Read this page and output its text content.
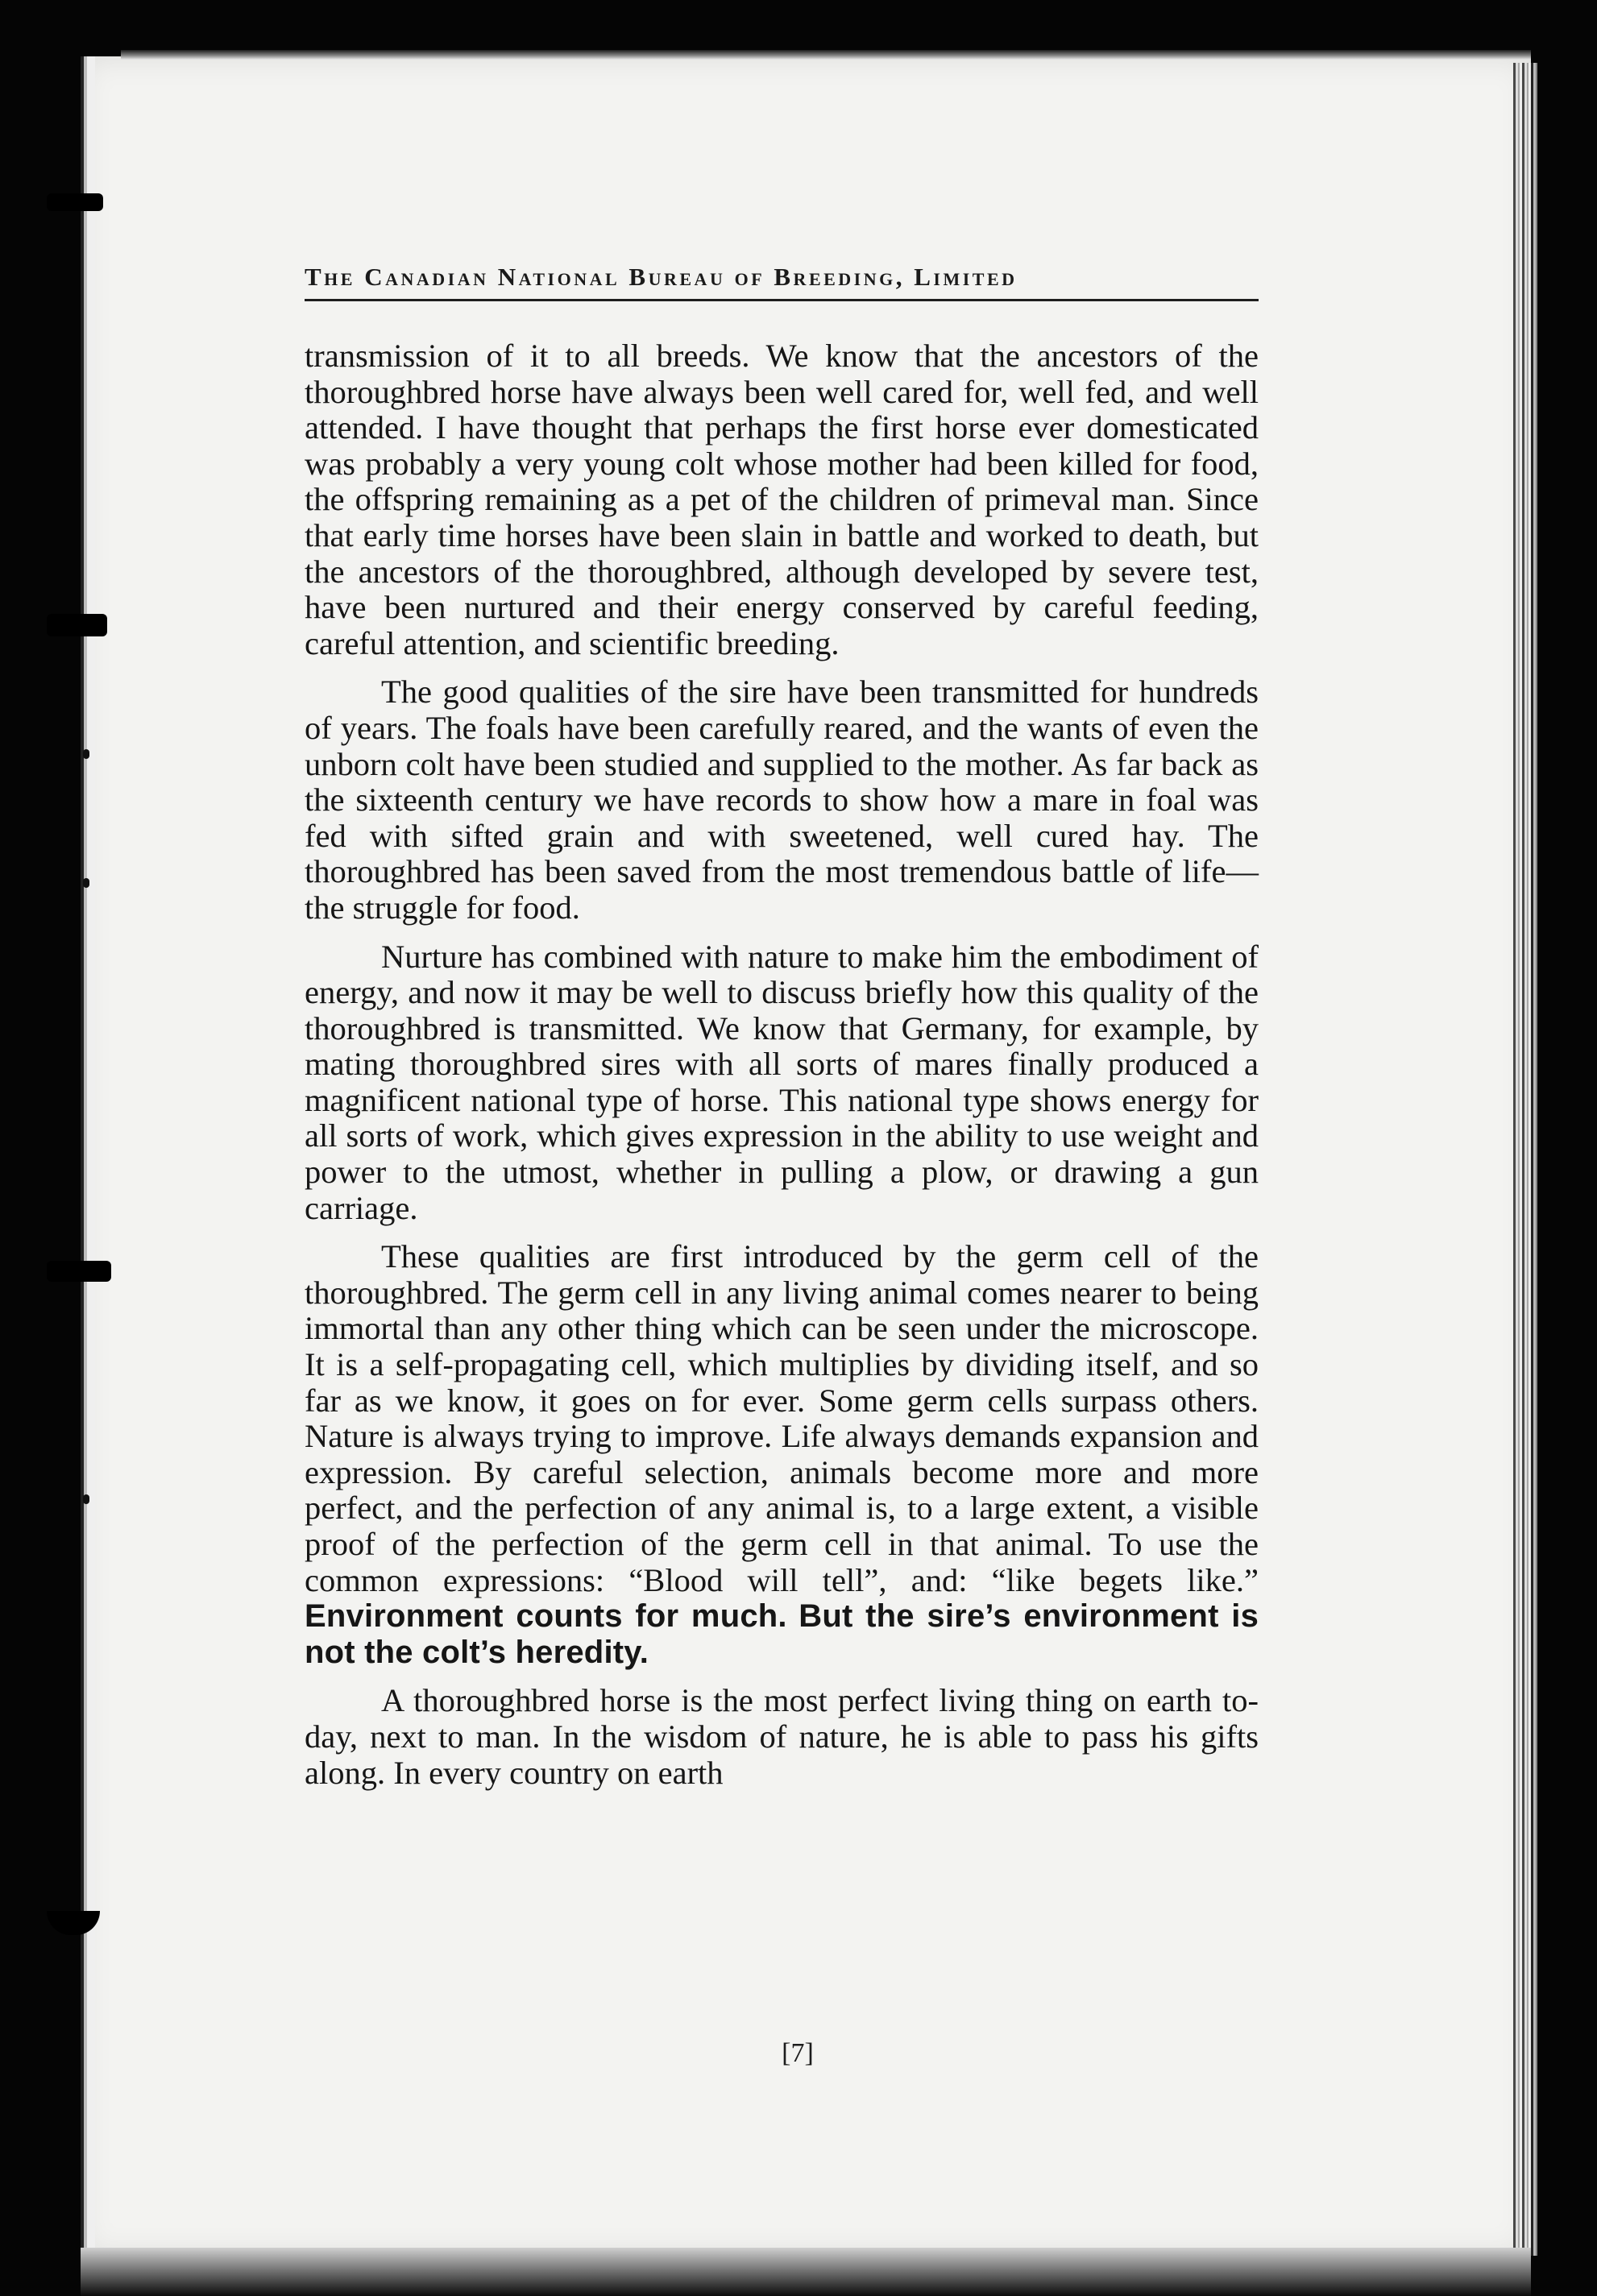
The Canadian National Bureau of Breeding, Limited

transmission of it to all breeds. We know that the ancestors of the thoroughbred horse have always been well cared for, well fed, and well attended. I have thought that perhaps the first horse ever domesticated was probably a very young colt whose mother had been killed for food, the offspring remaining as a pet of the children of primeval man. Since that early time horses have been slain in battle and worked to death, but the ancestors of the thoroughbred, although developed by severe test, have been nurtured and their energy conserved by careful feeding, careful attention, and scientific breeding.

The good qualities of the sire have been transmitted for hundreds of years. The foals have been carefully reared, and the wants of even the unborn colt have been studied and supplied to the mother. As far back as the sixteenth century we have records to show how a mare in foal was fed with sifted grain and with sweetened, well cured hay. The thoroughbred has been saved from the most tremendous battle of life—the struggle for food.

Nurture has combined with nature to make him the embodiment of energy, and now it may be well to discuss briefly how this quality of the thoroughbred is transmitted. We know that Germany, for example, by mating thoroughbred sires with all sorts of mares finally produced a magnificent national type of horse. This national type shows energy for all sorts of work, which gives expression in the ability to use weight and power to the utmost, whether in pulling a plow, or drawing a gun carriage.

These qualities are first introduced by the germ cell of the thoroughbred. The germ cell in any living animal comes nearer to being immortal than any other thing which can be seen under the microscope. It is a self-propagating cell, which multiplies by dividing itself, and so far as we know, it goes on for ever. Some germ cells surpass others. Nature is always trying to improve. Life always demands expansion and expression. By careful selection, animals become more and more perfect, and the perfection of any animal is, to a large extent, a visible proof of the perfection of the germ cell in that animal. To use the common expressions: “Blood will tell”, and: “like begets like.” Environment counts for much. But the sire’s environment is not the colt’s heredity.

A thoroughbred horse is the most perfect living thing on earth to-day, next to man. In the wisdom of nature, he is able to pass his gifts along. In every country on earth

[7]
